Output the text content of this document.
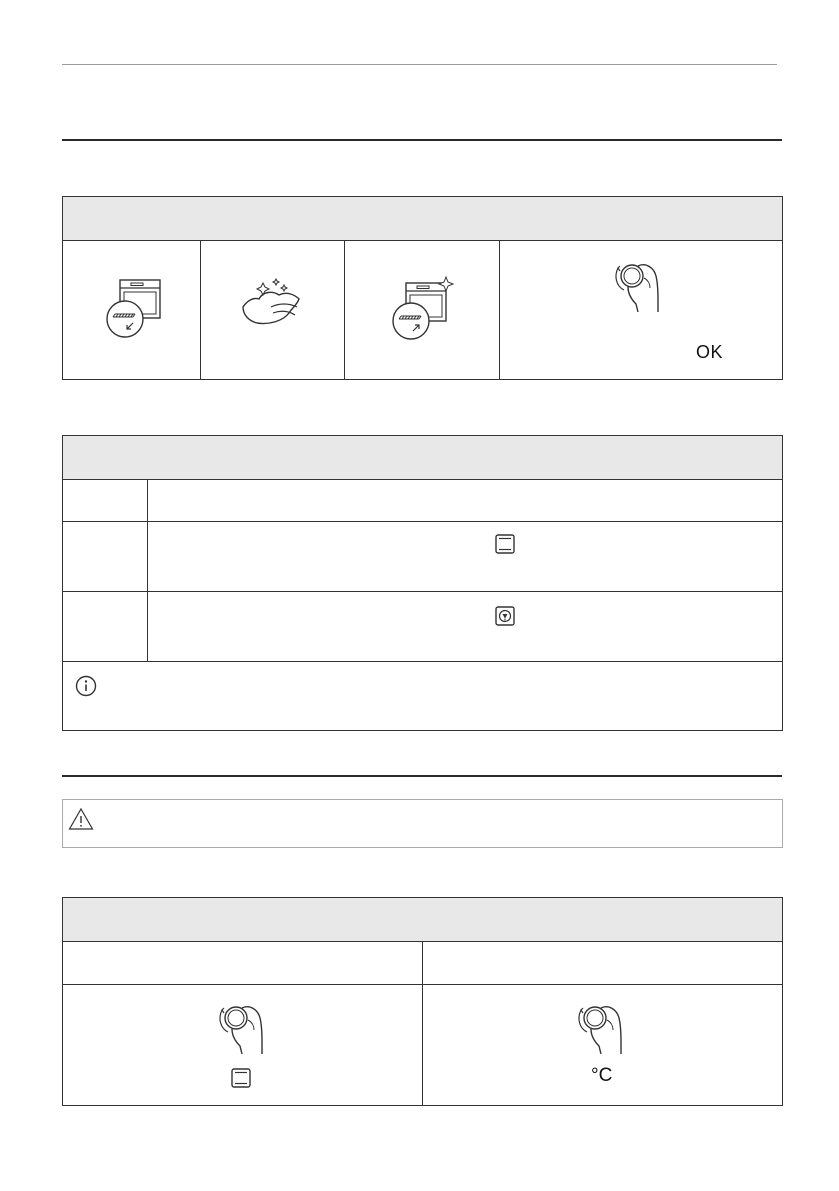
OK
°C
